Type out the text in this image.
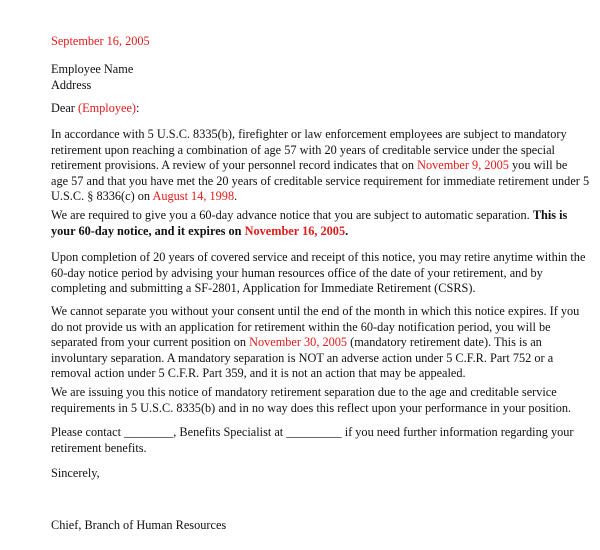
September 16, 2005

Employee Name
Address

Dear (Employee):

In accordance with 5 U.S.C. 8335(b), firefighter or law enforcement employees are subject to mandatory
retirement upon reaching a combination of age 57 with 20 years of creditable service under the special
retirement provisions. A review of your personnel record indicates that on November 9, 2005 you will be
age 57 and that you have met the 20 years of creditable service requirement for immediate retirement under 5
U.S.C. § 8336(c) on August 14, 1998.
We are required to give you a 60-day advance notice that you are subject to automatic separation. This is
your 60-day notice, and it expires on November 16, 2005.
Upon completion of 20 years of covered service and receipt of this notice, you may retire anytime within the
60-day notice period by advising your human resources office of the date of your retirement, and by
completing and submitting a SF-2801, Application for Immediate Retirement (CSRS).
We cannot separate you without your consent until the end of the month in which this notice expires. If you
do not provide us with an application for retirement within the 60-day notification period, you will be
separated from your current position on November 30, 2005 (mandatory retirement date). This is an
involuntary separation. A mandatory separation is NOT an adverse action under 5 C.F.R. Part 752 or a
removal action under 5 C.F.R. Part 359, and it is not an action that may be appealed.
We are issuing you this notice of mandatory retirement separation due to the age and creditable service
requirements in 5 U.S.C. 8335(b) and in no way does this reflect upon your performance in your position.
Please contact ________, Benefits Specialist at _________ if you need further information regarding your
retirement benefits.

Sincerely,

Chief, Branch of Human Resources
